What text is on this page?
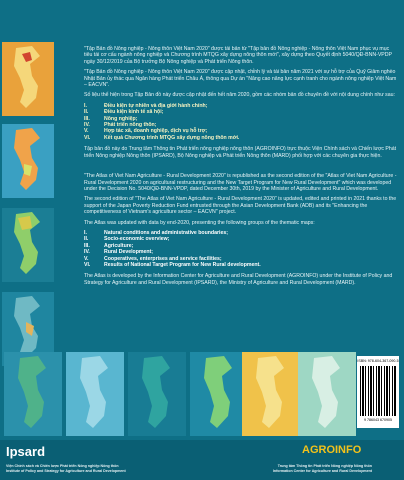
"Tập Bản đồ Nông nghiệp - Nông thôn Việt Nam 2020" được tái bản từ "Tập bản đồ Nông nghiệp - Nông thôn Việt Nam phục vụ mục tiêu tái cơ cấu ngành nông nghiệp và Chương trình MTQG xây dựng nông thôn mới", xây dựng theo Quyết định 5040/QĐ-BNN-VPDP ngày 30/12/2019 của Bộ trưởng Bộ Nông nghiệp và Phát triển Nông thôn.

"Tập Bản đồ Nông nghiệp - Nông thôn Việt Nam 2020" được cập nhật, chỉnh lý và tái bản năm 2021 với sự hỗ trợ của Quỹ Giảm nghèo Nhật Bản ủy thác qua Ngân hàng Phát triển Châu Á, thông qua Dự án "Nâng cao năng lực cạnh tranh cho ngành nông nghiệp Việt Nam – EACVN".

Số liệu thể hiện trong Tập Bản đồ này được cập nhật đến hết năm 2020, gồm các nhóm bản đồ chuyên đề với nội dung chính như sau:

I.	Điều kiện tự nhiên và địa giới hành chính;
II.	Điều kiện kinh tế xã hội;
III.	Nông nghiệp;
IV.	Phát triển nông thôn;
V.	Hợp tác xã, doanh nghiệp, dịch vụ hỗ trợ;
VI.	Kết quả Chương trình MTQG xây dựng nông thôn mới.

Tập bản đồ này do Trung tâm Thông tin Phát triển nông nghiệp nông thôn (AGROINFO) trực thuộc Viện Chính sách và Chiến lược Phát triển Nông nghiệp Nông thôn (IPSARD), Bộ Nông nghiệp và Phát triển Nông thôn (MARD) phối hợp với các chuyên gia thực hiện.

"The Atlas of Viet Nam Agriculture - Rural Development 2020" is republished as the second edition of the "Atlas of Viet Nam Agriculture - Rural Development 2020 on agricultural restructuring and the New Target Program for New Rural Development" which was developed under the Decision No. 5040/QĐ-BNN-VPDP, dated December 30th, 2019 by the Minister of Agriculture and Rural Development.

The second edition of "The Atlas of Viet Nam Agriculture - Rural Development 2020" is updated, edited and printed in 2021 thanks to the support of the Japan Poverty Reduction Fund entrusted through the Asian Development Bank (ADB) and its "Enhancing the competitiveness of Vietnam's agriculture sector – EACVN" project.

The Atlas was updated with data by end-2020, presenting the following groups of the thematic maps:

I.	Natural conditions and administrative boundaries;
II.	Socio-economic overview;
III.	Agriculture;
IV.	Rural Development;
V.	Cooperatives, enterprises and service facilities;
VI.	Results of National Target Program for New Rural development.

The Atlas is developed by the Information Center for Agriculture and Rural Development (AGROINFO) under the Institute of Policy and Strategy for Agriculture and Rural Development (IPSARD), the Ministry of Agriculture and Rural Development (MARD).

ISBN: 978-604-367-090-5
9 786043 670905
Ipsard
Viện Chính sách và Chiến lược Phát triển Nông nghiệp Nông thôn
Institute of Policy and Strategy for Agriculture and Rural Development
AGROINFO
Trung tâm Thông tin Phát triển Nông nghiệp Nông thôn
Information Center for Agriculture and Rural Development
